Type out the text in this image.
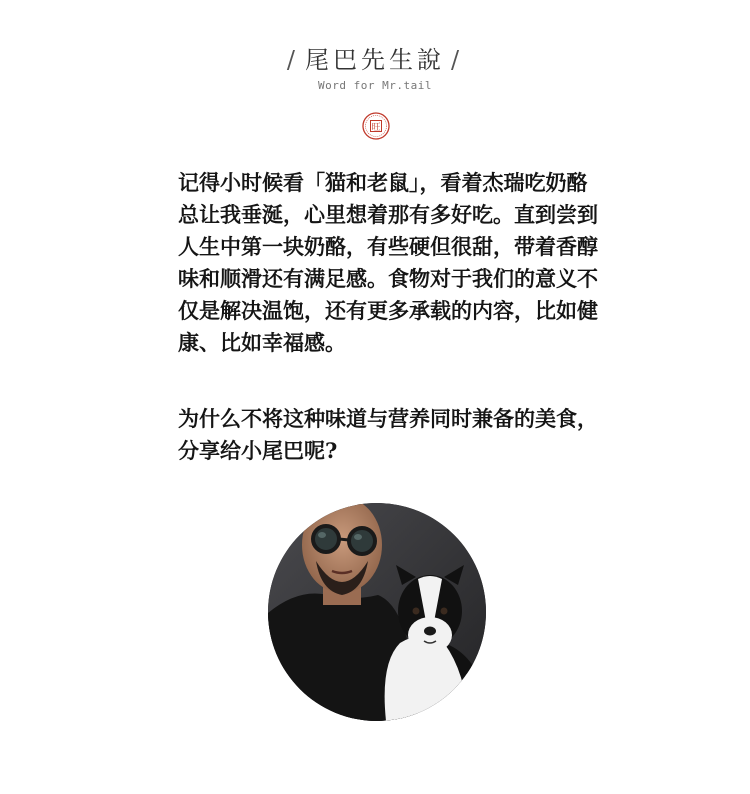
/ 尾巴先生說 /
Word for Mr.tail
旺

记得小时候看「猫和老鼠」，看着杰瑞吃奶酪总让我垂涎，心里想着那有多好吃。直到尝到人生中第一块奶酪，有些硬但很甜，带着香醇味和顺滑还有满足感。食物对于我们的意义不仅是解决温饱，还有更多承载的内容，比如健康、比如幸福感。

为什么不将这种味道与营养同时兼备的美食，分享给小尾巴呢?
